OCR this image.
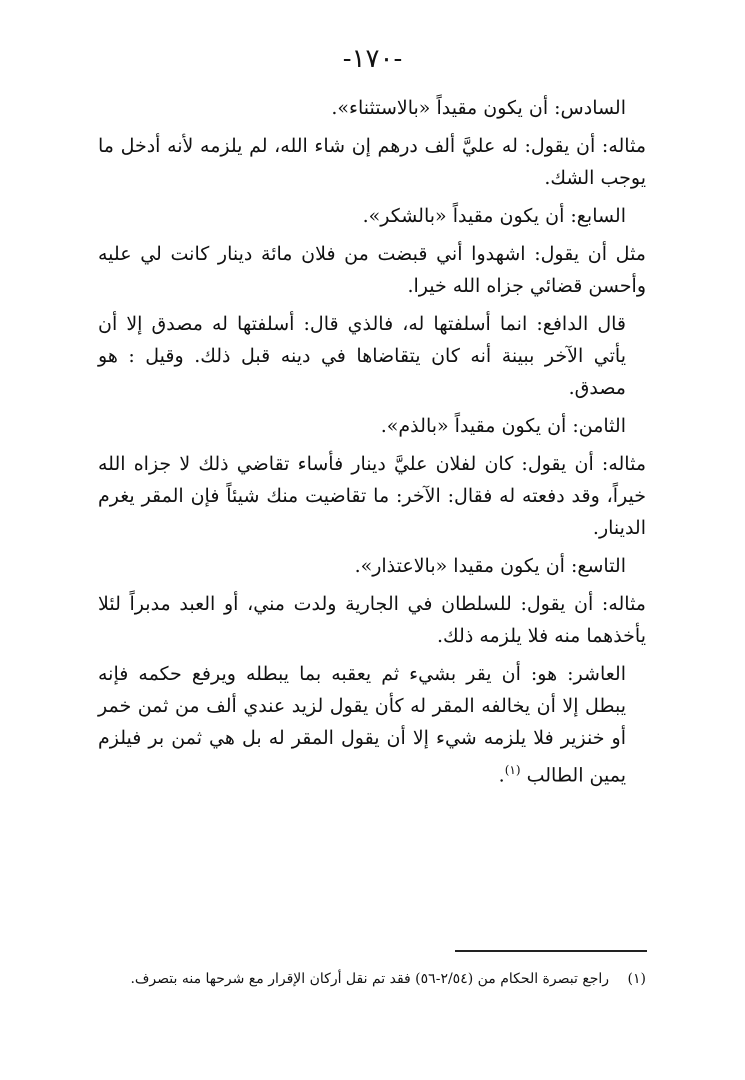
-١٧٠-

السادس: أن يكون مقيداً «بالاستثناء».

مثاله: أن يقول: له عليَّ ألف درهم إن شاء الله، لم يلزمه لأنه أدخل ما يوجب الشك.

السابع: أن يكون مقيداً «بالشكر».

مثل أن يقول: اشهدوا أني قبضت من فلان مائة دينار كانت لي عليه وأحسن قضائي جزاه الله خيرا.

قال الدافع: انما أسلفتها له، فالذي قال: أسلفتها له مصدق إلا أن يأتي الآخر ببينة أنه كان يتقاضاها في دينه قبل ذلك. وقيل : هو مصدق.

الثامن: أن يكون مقيداً «بالذم».

مثاله: أن يقول: كان لفلان عليَّ دينار فأساء تقاضي ذلك لا جزاه الله خيراً، وقد دفعته له فقال: الآخر: ما تقاضيت منك شيئاً فإن المقر يغرم الدينار.

التاسع: أن يكون مقيدا «بالاعتذار».

مثاله: أن يقول: للسلطان في الجارية ولدت مني، أو العبد مدبراً لئلا يأخذهما منه فلا يلزمه ذلك.

العاشر: هو: أن يقر بشيء ثم يعقبه بما يبطله ويرفع حكمه فإنه يبطل إلا أن يخالفه المقر له كأن يقول لزيد عندي ألف من ثمن خمر أو خنزير فلا يلزمه شيء إلا أن يقول المقر له بل هي ثمن بر فيلزم يمين الطالب $^{(١)}$.

(١) راجع تبصرة الحكام من (٢/٥٤-٥٦) فقد تم نقل أركان الإقرار مع شرحها منه بتصرف.
